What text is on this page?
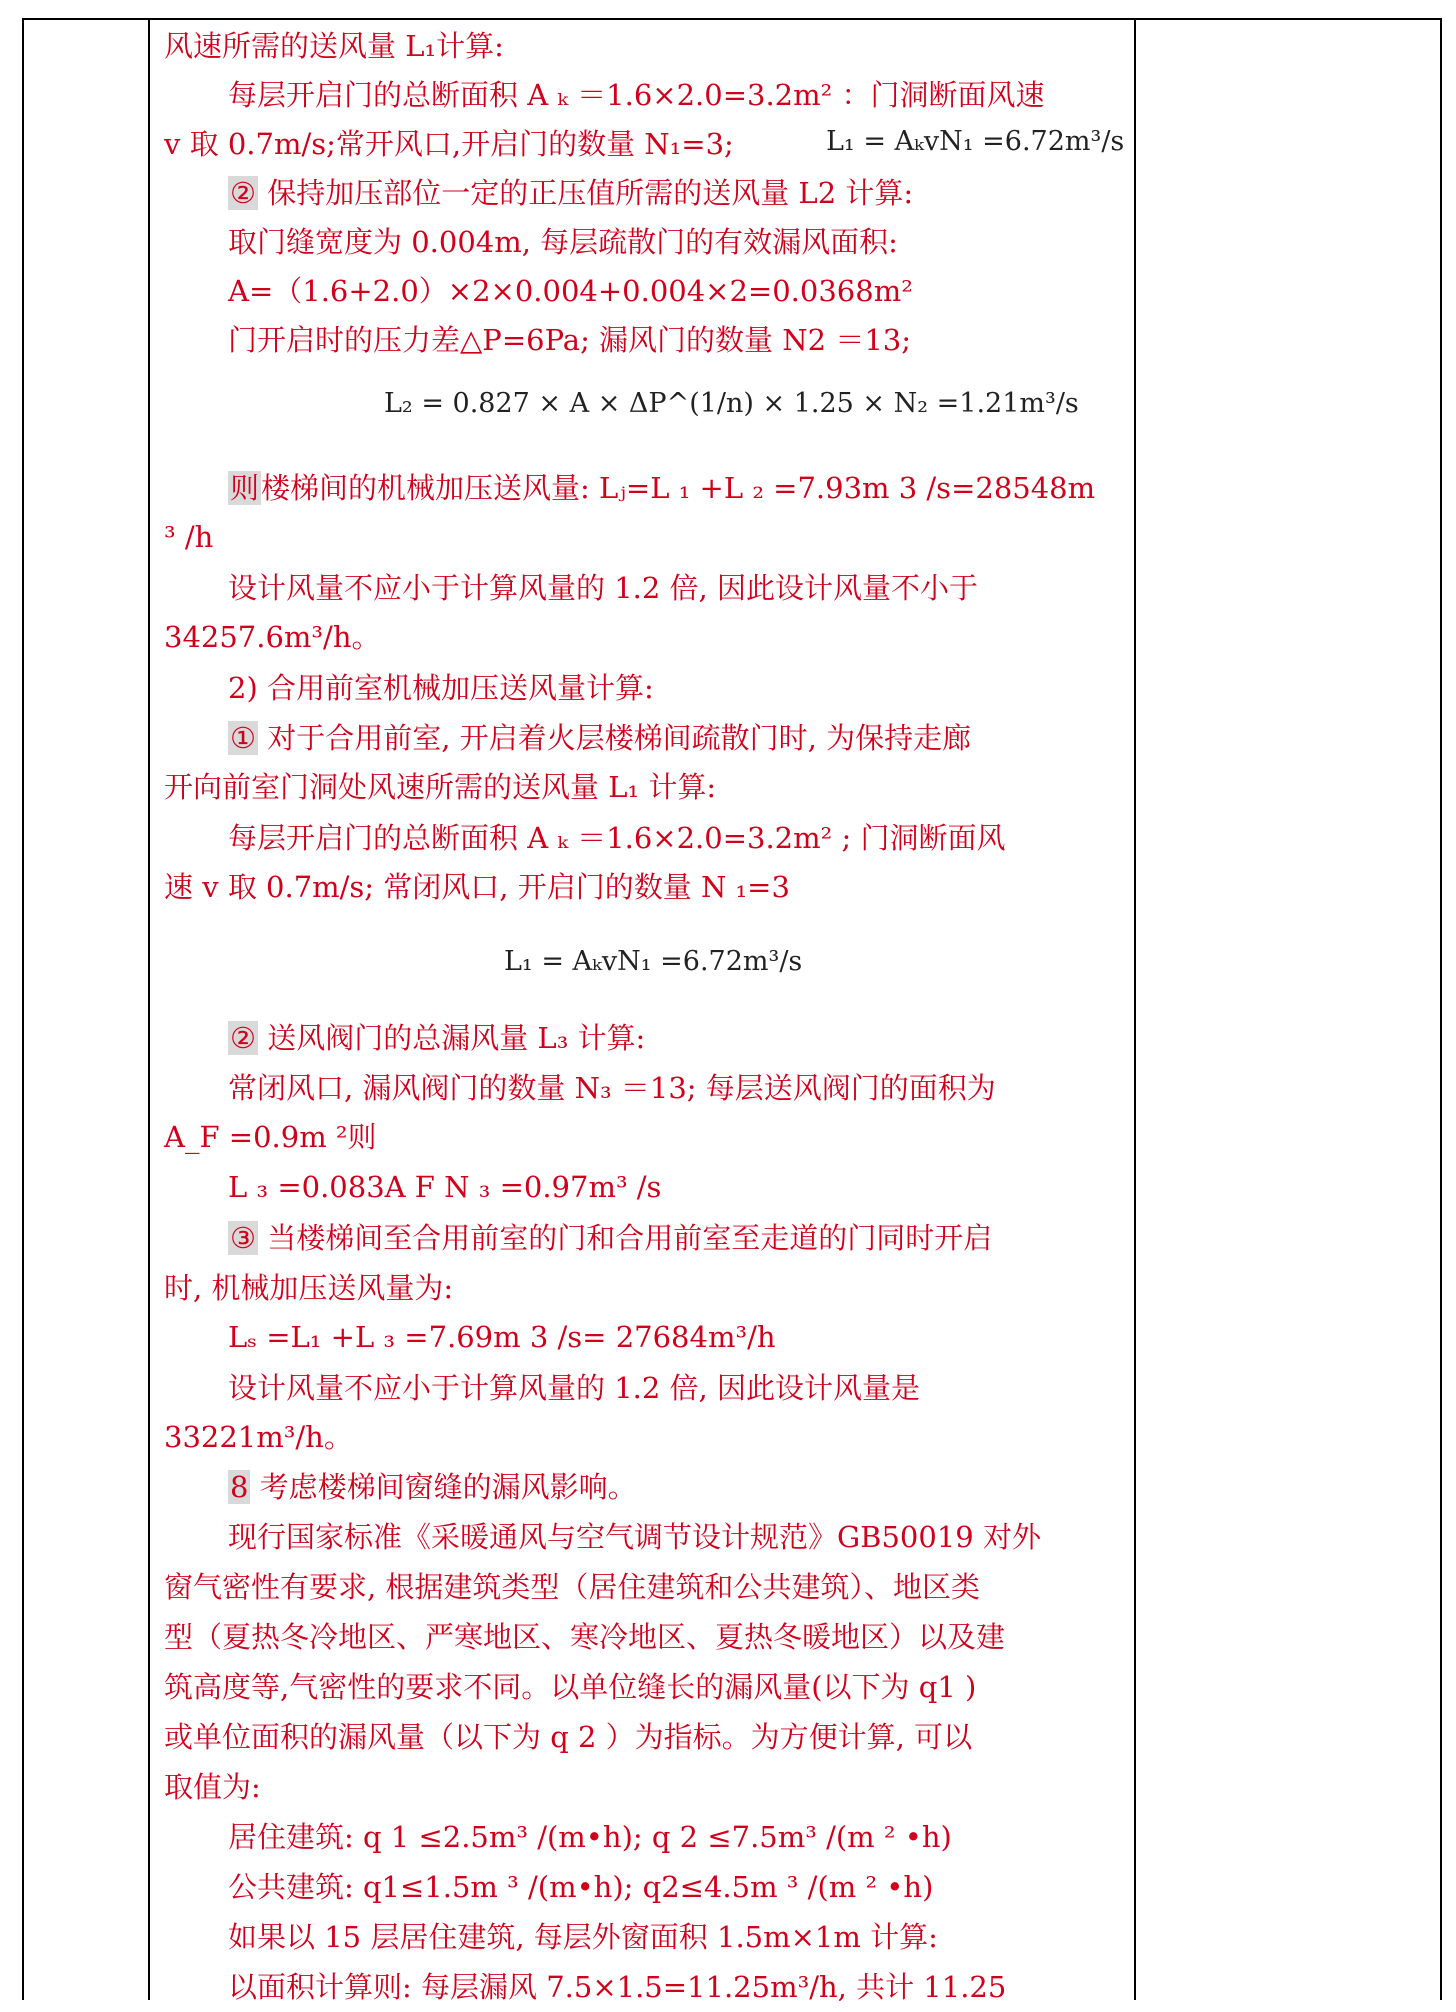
风速所需的送风量 L₁计算:
每层开启门的总断面积 A ₖ ＝1.6×2.0=3.2m² ：门洞断面风速
v 取 0.7m/s;常开风口,开启门的数量 N₁=3;	L₁ = AₖvN₁ =6.72m³/s
② 保持加压部位一定的正压值所需的送风量 L2 计算:
取门缝宽度为 0.004m, 每层疏散门的有效漏风面积:
A=（1.6+2.0）×2×0.004+0.004×2=0.0368m²
门开启时的压力差△P=6Pa; 漏风门的数量 N2 ＝13;
L₂ = 0.827 × A × ΔP^(1/n) × 1.25 × N₂ =1.21m³/s
则楼梯间的机械加压送风量: Lⱼ=L ₁ +L ₂ =7.93m 3 /s=28548m
³ /h
设计风量不应小于计算风量的 1.2 倍, 因此设计风量不小于
34257.6m³/h。
2) 合用前室机械加压送风量计算:
① 对于合用前室, 开启着火层楼梯间疏散门时, 为保持走廊
开向前室门洞处风速所需的送风量 L₁ 计算:
每层开启门的总断面积 A ₖ ＝1.6×2.0=3.2m² ; 门洞断面风
速 v 取 0.7m/s; 常闭风口, 开启门的数量 N ₁=3
L₁ = AₖvN₁ =6.72m³/s
② 送风阀门的总漏风量 L₃ 计算:
常闭风口, 漏风阀门的数量 N₃ ＝13; 每层送风阀门的面积为
A_F =0.9m ²则
L ₃ =0.083A F N ₃ =0.97m³ /s
③ 当楼梯间至合用前室的门和合用前室至走道的门同时开启
时, 机械加压送风量为:
Lₛ =L₁ +L ₃ =7.69m 3 /s= 27684m³/h
设计风量不应小于计算风量的 1.2 倍, 因此设计风量是
33221m³/h。
8 考虑楼梯间窗缝的漏风影响。
现行国家标准《采暖通风与空气调节设计规范》GB50019 对外
窗气密性有要求, 根据建筑类型（居住建筑和公共建筑）、地区类
型（夏热冬冷地区、严寒地区、寒冷地区、夏热冬暖地区）以及建
筑高度等,气密性的要求不同。以单位缝长的漏风量(以下为 q1 )
或单位面积的漏风量（以下为 q 2 ）为指标。为方便计算, 可以
取值为:
居住建筑: q 1 ≤2.5m³ /(m•h); q 2 ≤7.5m³ /(m ² •h)
公共建筑: q1≤1.5m ³ /(m•h); q2≤4.5m ³ /(m ² •h)
如果以 15 层居住建筑, 每层外窗面积 1.5m×1m 计算:
以面积计算则: 每层漏风 7.5×1.5=11.25m³/h, 共计 11.25
